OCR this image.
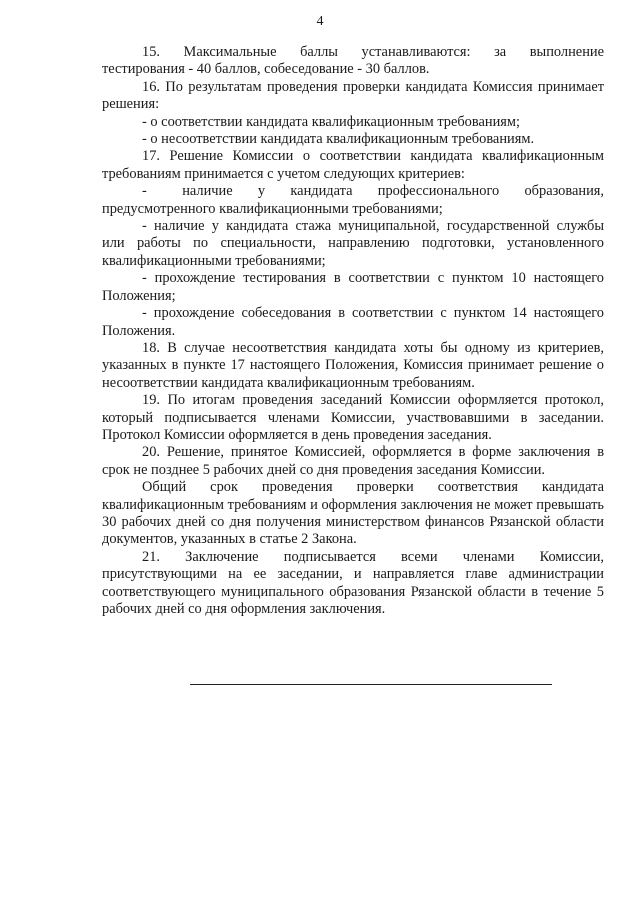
4

15.   Максимальные   баллы   устанавливаются:   за   выполнение тестирования - 40 баллов, собеседование - 30 баллов.

16. По результатам проведения проверки кандидата Комиссия принимает решения:

- о соответствии кандидата квалификационным требованиям;

- о несоответствии кандидата квалификационным требованиям.

17. Решение Комиссии о соответствии кандидата квалификационным требованиям принимается с учетом следующих критериев:

-       наличие     у     кандидата     профессионального     образования, предусмотренного квалификационными требованиями;

- наличие у кандидата стажа муниципальной, государственной службы или работы по специальности, направлению подготовки, установленного квалификационными требованиями;

- прохождение тестирования в соответствии с пунктом 10 настоящего Положения;

- прохождение собеседования в соответствии с пунктом 14 настоящего Положения.

18. В случае несоответствия кандидата хоты бы одному из критериев, указанных в пункте 17 настоящего Положения, Комиссия принимает решение о несоответствии кандидата квалификационным требованиям.

19. По итогам проведения заседаний Комиссии оформляется протокол, который подписывается членами Комиссии, участвовавшими в заседании. Протокол Комиссии оформляется в день проведения заседания.

20. Решение, принятое Комиссией, оформляется в форме заключения в срок не позднее 5 рабочих дней со дня проведения заседания Комиссии.

Общий   срок   проведения   проверки   соответствия   кандидата квалификационным требованиям и оформления заключения не может превышать 30 рабочих дней со дня получения министерством финансов Рязанской области документов, указанных в статье 2 Закона.

21.    Заключение    подписывается    всеми    членами    Комиссии, присутствующими на ее заседании, и направляется главе администрации соответствующего муниципального образования Рязанской области в течение 5 рабочих дней со дня оформления заключения.
